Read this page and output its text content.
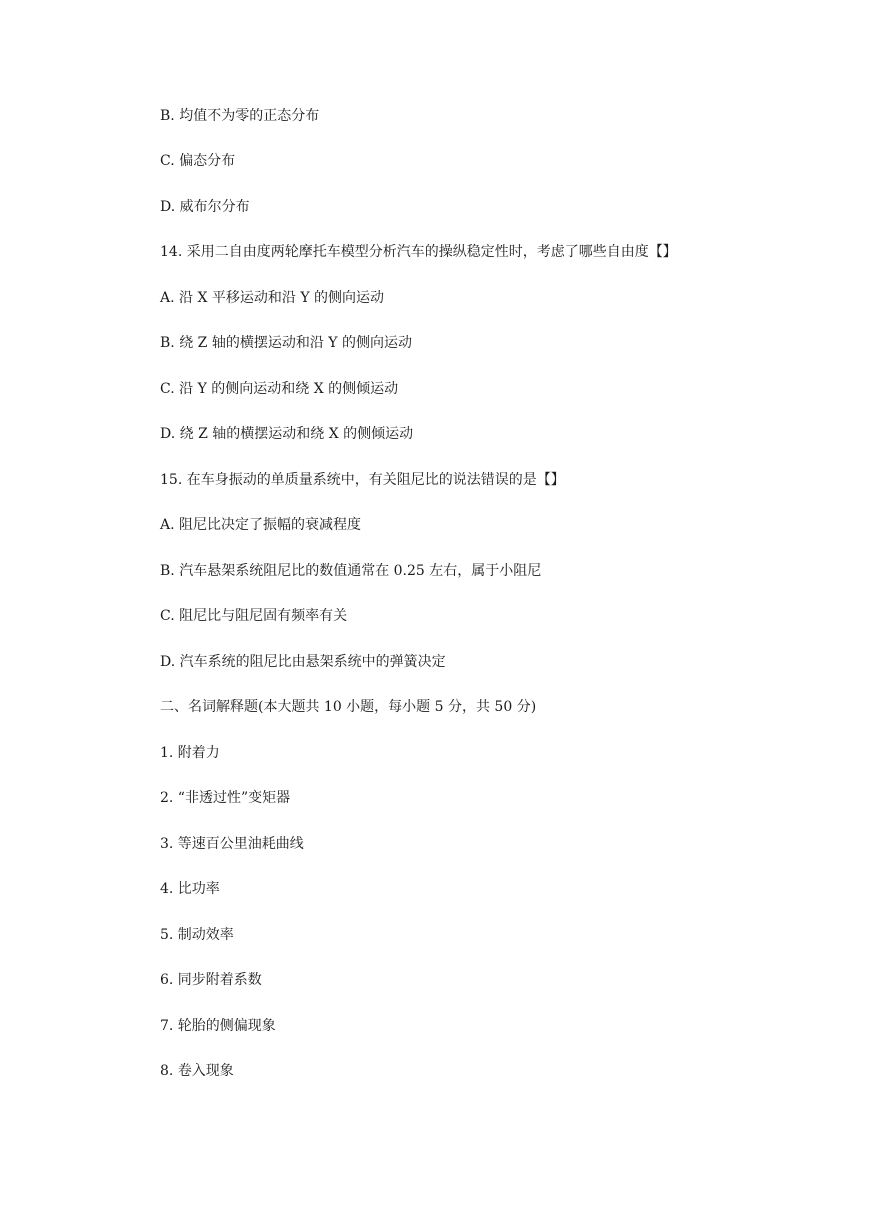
B. 均值不为零的正态分布

C. 偏态分布

D. 威布尔分布

14. 采用二自由度两轮摩托车模型分析汽车的操纵稳定性时，考虑了哪些自由度【】

A. 沿 X 平移运动和沿 Y 的侧向运动

B. 绕 Z 轴的横摆运动和沿 Y 的侧向运动

C. 沿 Y 的侧向运动和绕 X 的侧倾运动

D. 绕 Z 轴的横摆运动和绕 X 的侧倾运动

15. 在车身振动的单质量系统中，有关阻尼比的说法错误的是【】

A. 阻尼比决定了振幅的衰减程度

B. 汽车悬架系统阻尼比的数值通常在 0.25 左右，属于小阻尼

C. 阻尼比与阻尼固有频率有关

D. 汽车系统的阻尼比由悬架系统中的弹簧决定

二、名词解释题(本大题共 10 小题，每小题 5 分，共 50 分)

1. 附着力

2. “非透过性”变矩器

3. 等速百公里油耗曲线

4. 比功率

5. 制动效率

6. 同步附着系数

7. 轮胎的侧偏现象

8. 卷入现象
